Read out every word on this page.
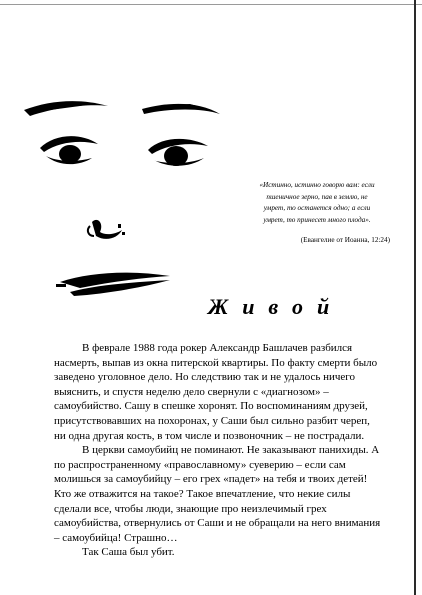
«Истинно, истинно говорю вам: если пшеничное зерно, пав в землю, не умрет, то останется одно; а если умрет, то принесет много плода».
(Евангелие от Иоанна, 12:24)
Живой

В феврале 1988 года рокер Александр Башлачев разбился насмерть, выпав из окна питерской квартиры. По факту смерти было заведено уголовное дело. Но следствию так и не удалось ничего выяснить, и спустя неделю дело свернули с «диагнозом» – самоубийство. Сашу в спешке хоронят. По воспоминаниям друзей, присутствовавших на похоронах, у Саши был сильно разбит череп, ни одна другая кость, в том числе и позвоночник – не пострадали.

В церкви самоубийц не поминают. Не заказывают панихиды. А по распространенному «православному» суеверию – если сам молишься за самоубийцу – его грех «падет» на тебя и твоих детей! Кто же отважится на такое? Такое впечатление, что некие силы сделали все, чтобы люди, знающие про неизлечимый грех самоубийства, отвернулись от Саши и не обращали на него внимания – самоубийца! Страшно…

Так Саша был убит.
